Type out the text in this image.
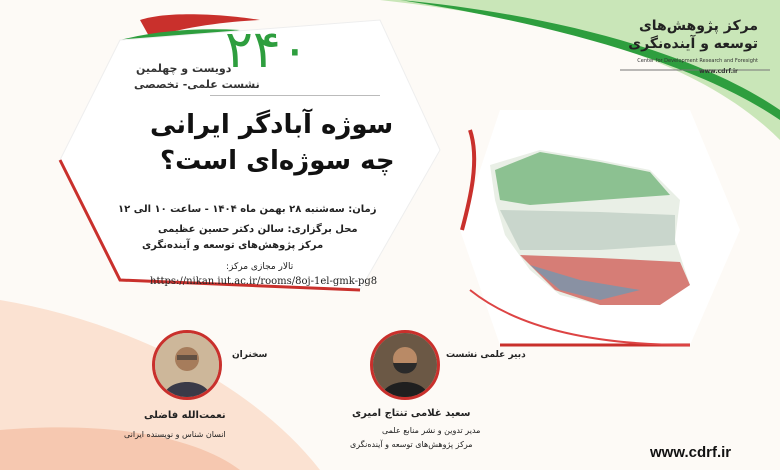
۲۴۰
دویست و چهلمین
نشست علمی- تخصصی
سوژه آبادگر ایرانی
چه سوژه‌ای است؟
زمان: سه‌شنبه ۲۸ بهمن ماه ۱۴۰۴ - ساعت ۱۰ الی ۱۲
محل برگزاری: سالن دکتر حسین عظیمی
مرکز پژوهش‌های توسعه و آینده‌نگری
تالار مجازی مرکز:
https://nikan.iut.ac.ir/rooms/8oj-1el-gmk-pg8
مرکز پژوهش‌های
توسعه و آینده‌نگری
Center for Development Research and Foresight
www.cdrf.ir
سخنران
نعمت‌الله فاضلی
انسان شناس و نویسنده ایرانی
دبیر علمی نشست
سعید غلامی تنتاج امیری
مدیر تدوین و نشر منابع علمی
مرکز پژوهش‌های توسعه و آینده‌نگری	www.cdrf.ir
